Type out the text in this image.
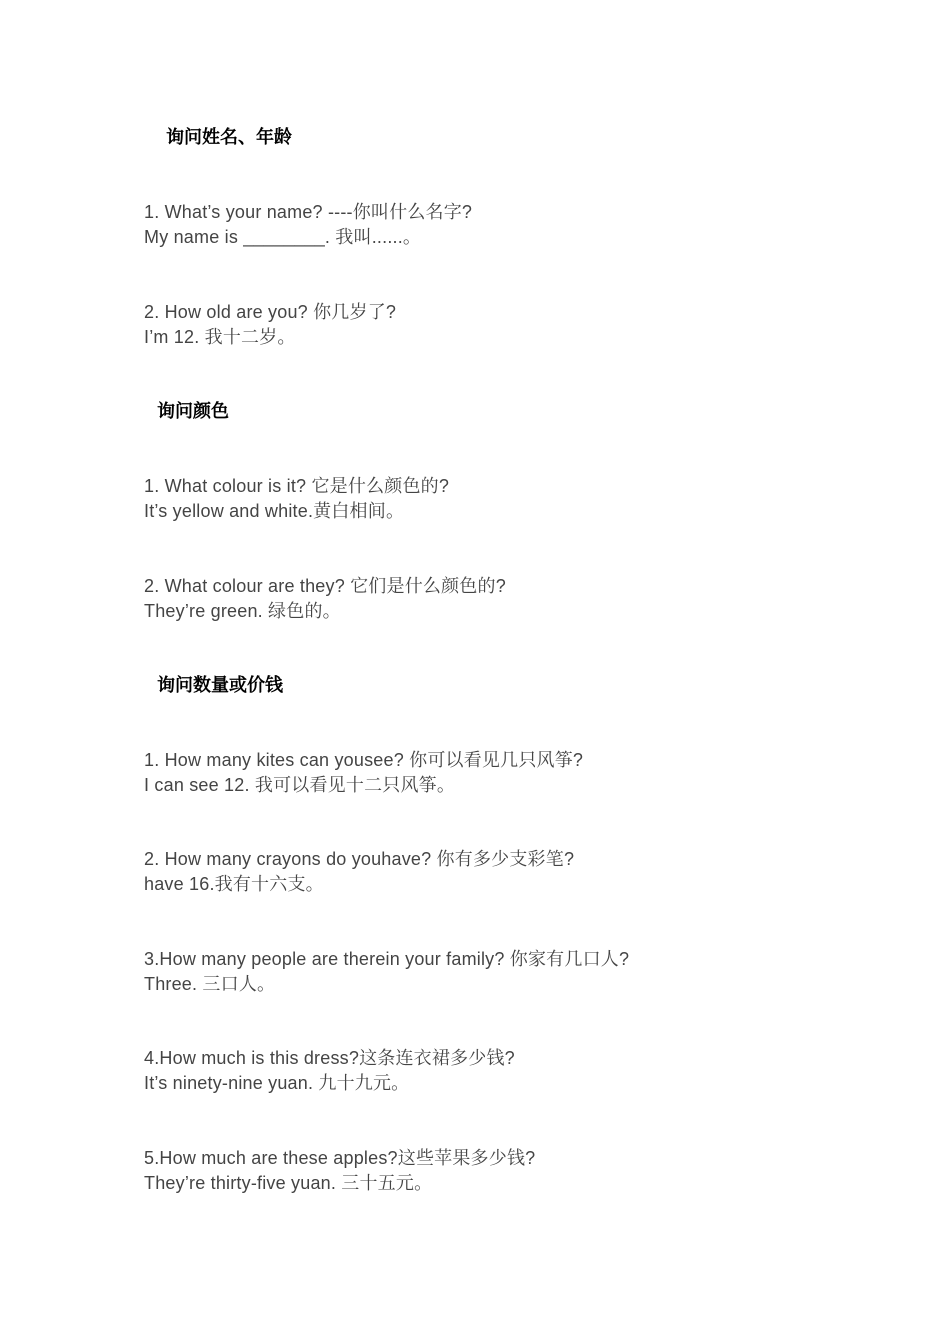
询问姓名、年龄
1. What’s your name? ----你叫什么名字?
My name is ________. 我叫......。
2. How old are you? 你几岁了?
I’m 12. 我十二岁。
询问颜色
1. What colour is it? 它是什么颜色的?
It’s yellow and white.黄白相间。
2. What colour are they? 它们是什么颜色的?
They’re green. 绿色的。
询问数量或价钱
1. How many kites can yousee? 你可以看见几只风筝?
I can see 12. 我可以看见十二只风筝。
2. How many crayons do youhave? 你有多少支彩笔?
have 16.我有十六支。
3.How many people are therein your family? 你家有几口人?
Three. 三口人。
4.How much is this dress?这条连衣裙多少钱?
It’s ninety-nine yuan. 九十九元。
5.How much are these apples?这些苹果多少钱?
They’re thirty-five yuan. 三十五元。
